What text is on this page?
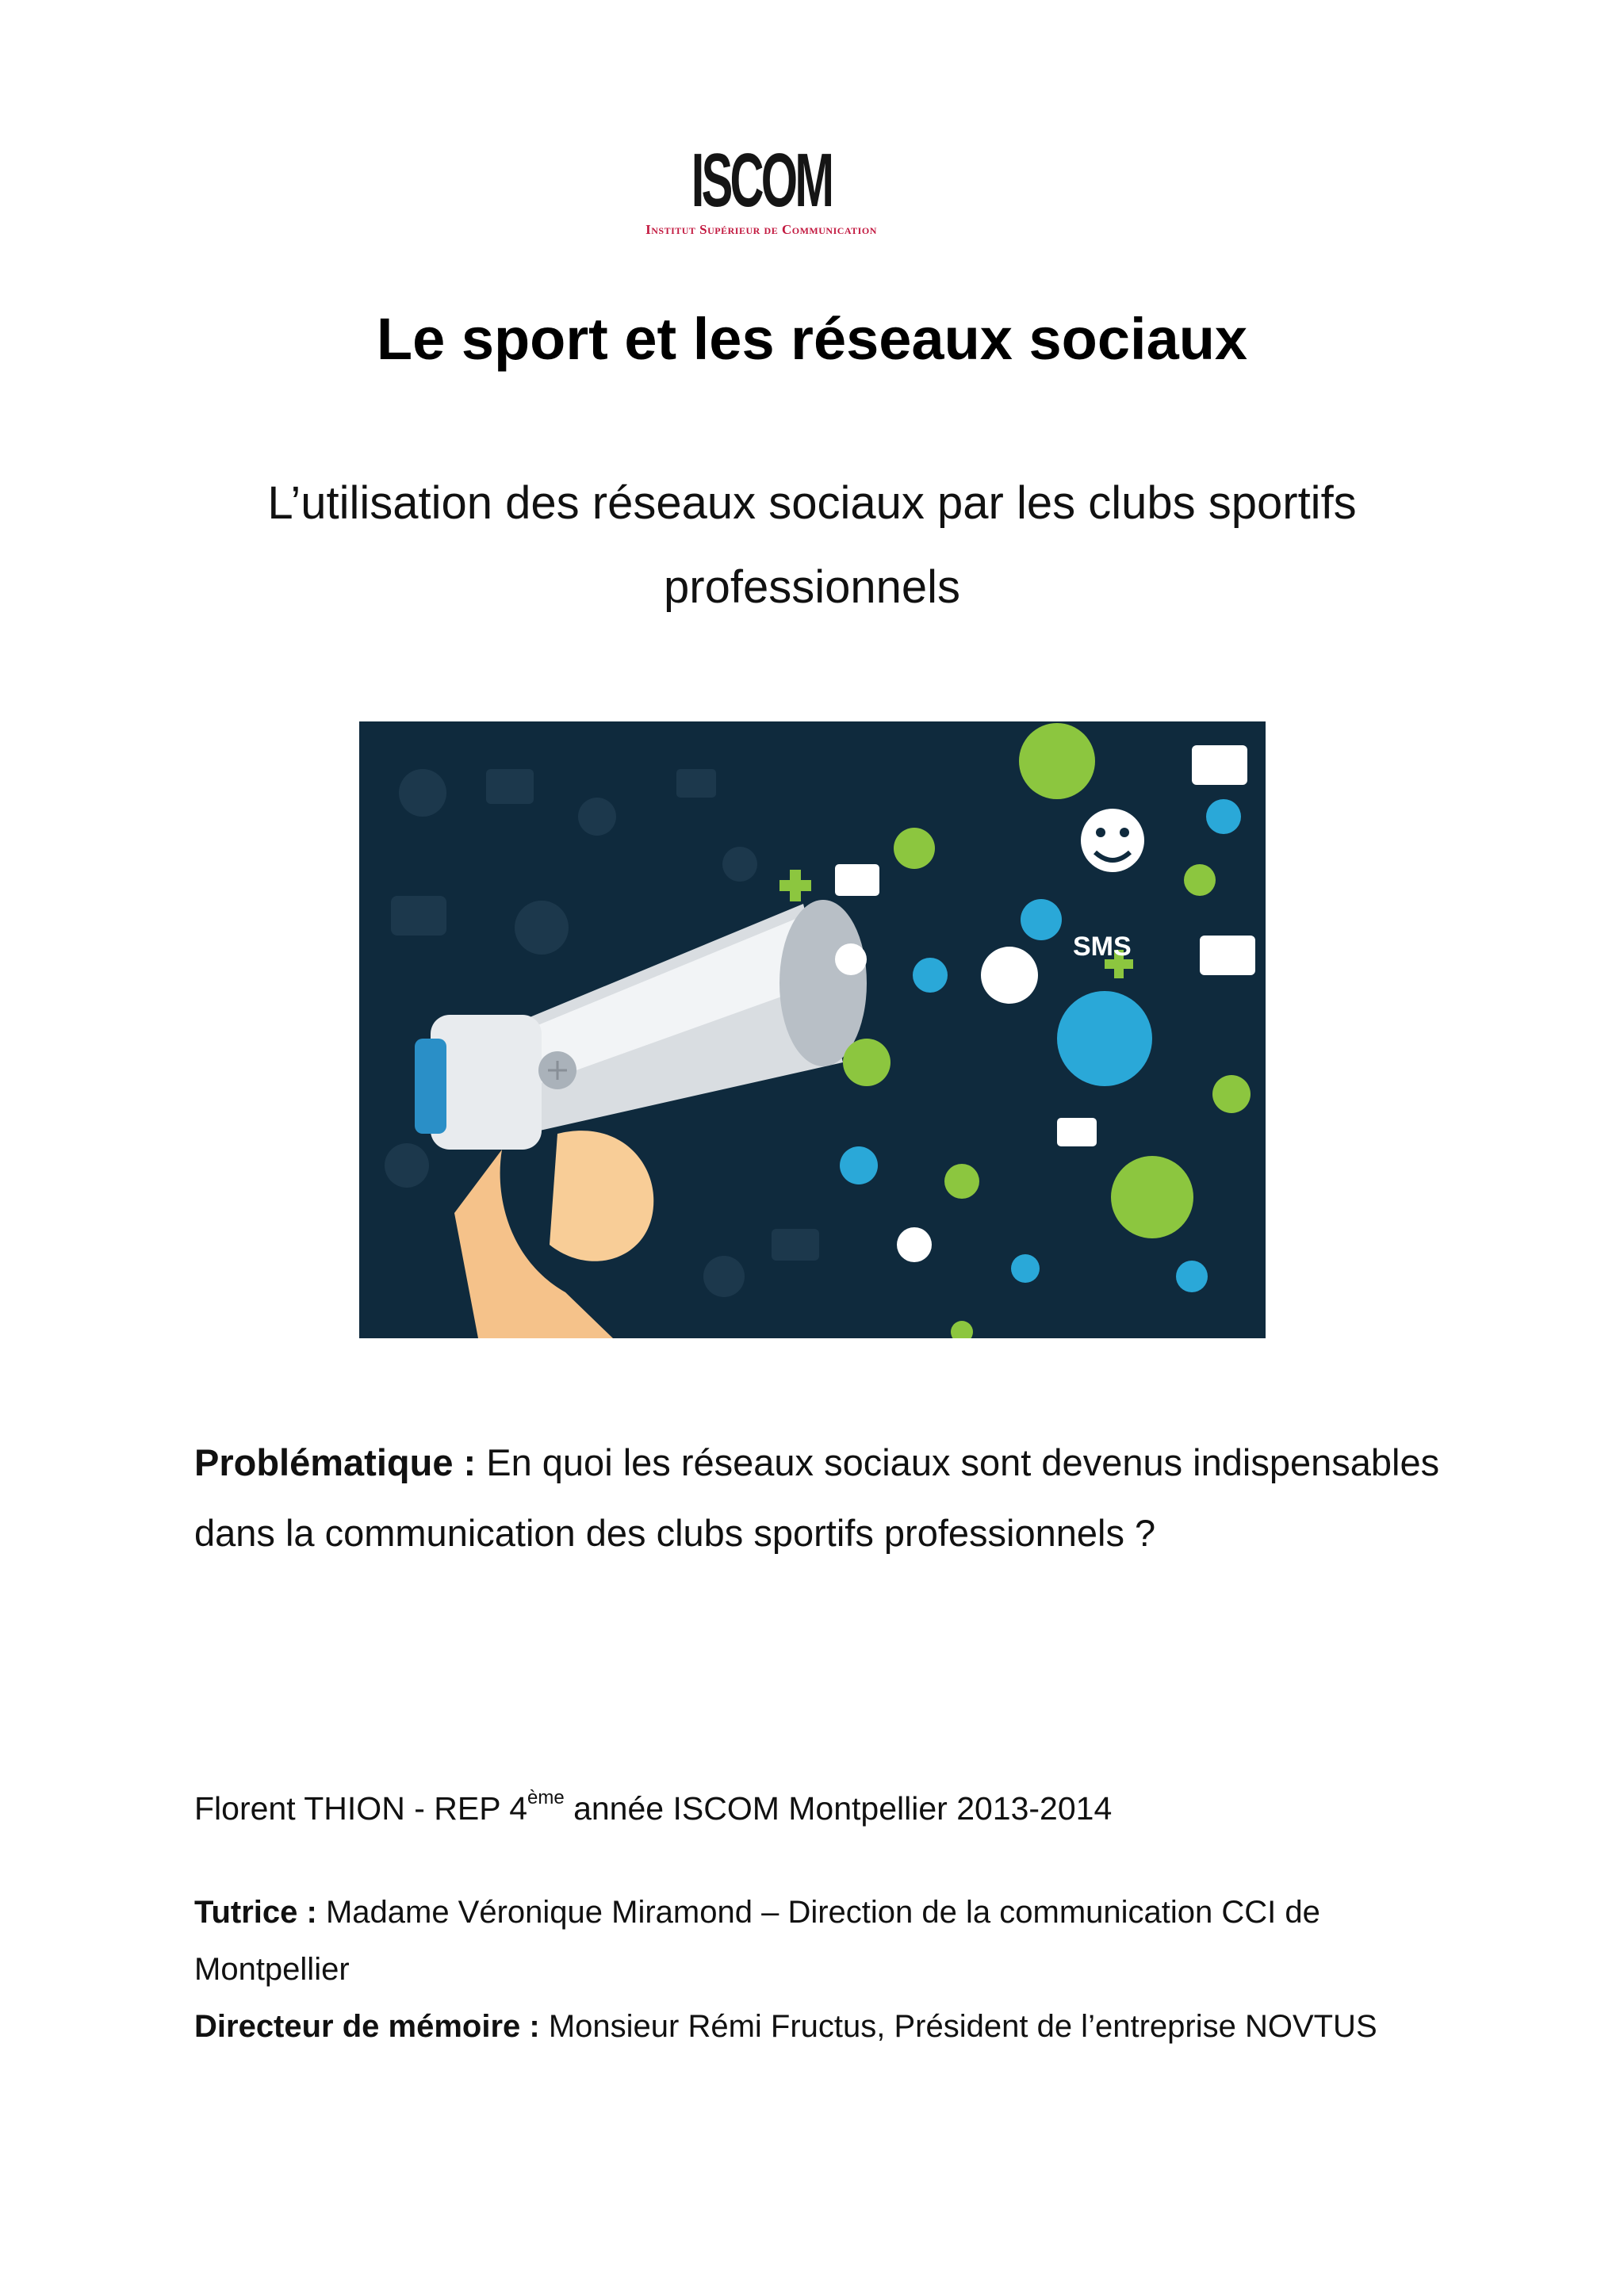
ISCOM
Institut Supérieur de Communication
Le sport et les réseaux sociaux
L’utilisation des réseaux sociaux par les clubs sportifs professionnels
SMS
Problématique : En quoi les réseaux sociaux sont devenus indispensables dans la communication des clubs sportifs professionnels ?
Florent THION - REP 4ème année ISCOM Montpellier 2013-2014

Tutrice : Madame Véronique Miramond – Direction de la communication CCI de Montpellier

Directeur de mémoire : Monsieur Rémi Fructus, Président de l’entreprise NOVTUS
